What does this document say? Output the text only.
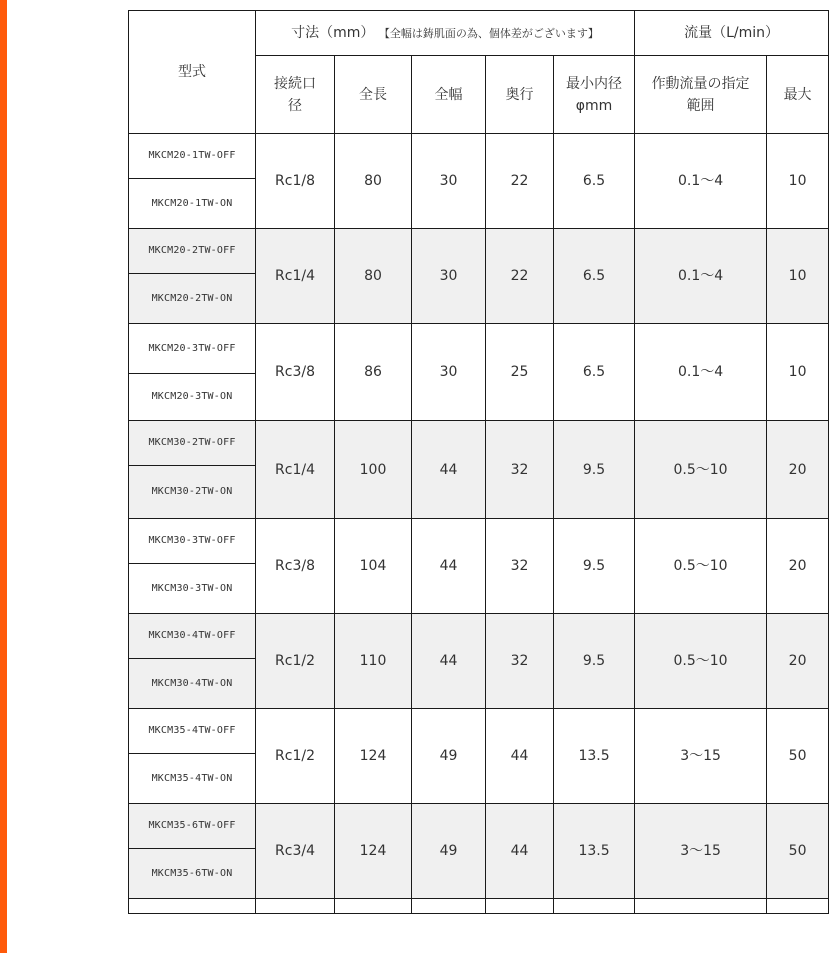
型式	寸法（mm） 【全幅は鋳肌面の為、個体差がございます】					流量（L/min）	

	接続口径	全長	全幅	奥行	最小内径φmm	作動流量の指定範囲	最大
MKCM20-1TW-OFF	Rc1/8	80	30	22	6.5	0.1～4	10
MKCM20-1TW-ON							
MKCM20-2TW-OFF	Rc1/4	80	30	22	6.5	0.1～4	10
MKCM20-2TW-ON							
MKCM20-3TW-OFF	Rc3/8	86	30	25	6.5	0.1～4	10
MKCM20-3TW-ON							
MKCM30-2TW-OFF	Rc1/4	100	44	32	9.5	0.5～10	20
MKCM30-2TW-ON							
MKCM30-3TW-OFF	Rc3/8	104	44	32	9.5	0.5～10	20
MKCM30-3TW-ON							
MKCM30-4TW-OFF	Rc1/2	110	44	32	9.5	0.5～10	20
MKCM30-4TW-ON							
MKCM35-4TW-OFF	Rc1/2	124	49	44	13.5	3～15	50
MKCM35-4TW-ON							
MKCM35-6TW-OFF	Rc3/4	124	49	44	13.5	3～15	50
MKCM35-6TW-ON							
